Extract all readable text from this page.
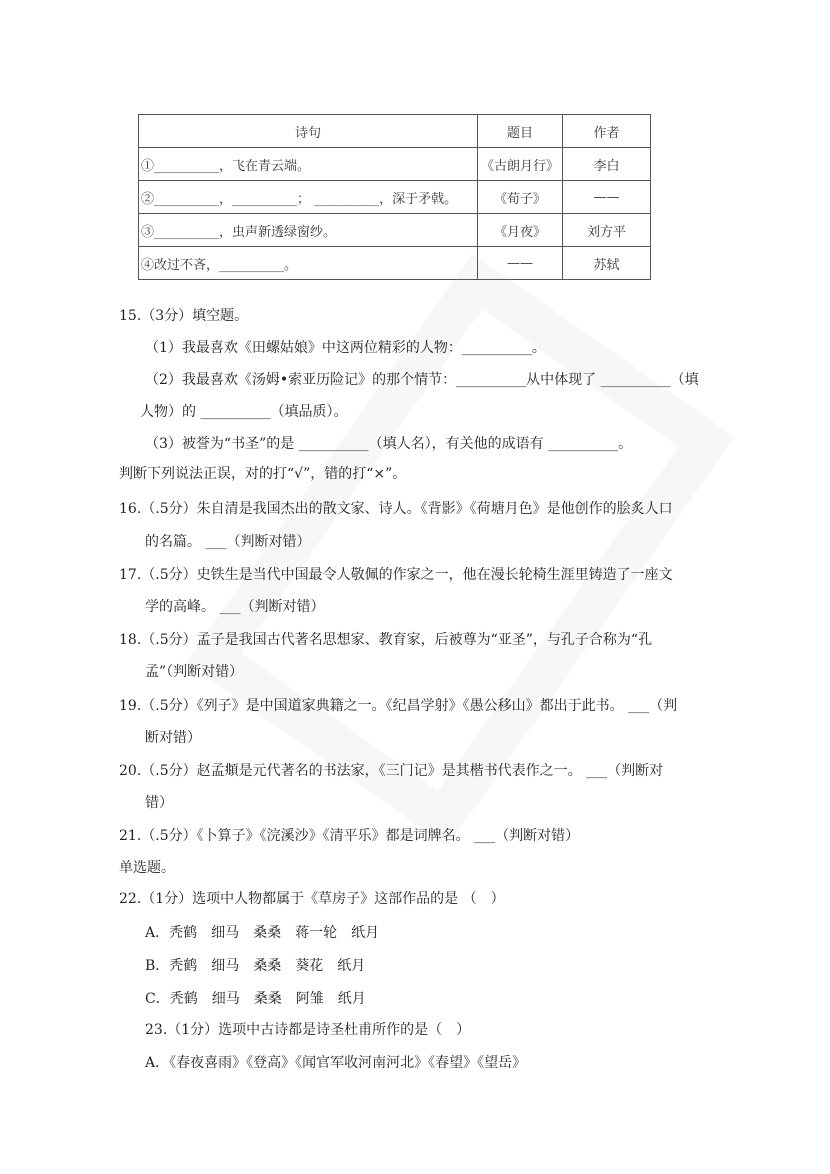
诗句	题目	作者
①__________，飞在青云端。	《古朗月行》	李白
②__________，__________； __________，深于矛戟。	《荀子》	——
③__________，虫声新透绿窗纱。	《月夜》	刘方平
④改过不吝，__________。	——	苏轼
15.（3分）填空题。
（1）我最喜欢《田螺姑娘》中这两位精彩的人物：__________。
（2）我最喜欢《汤姆•索亚历险记》的那个情节：__________从中体现了 __________（填
人物）的 __________（填品质）。
（3）被誉为“书圣”的是 __________（填人名），有关他的成语有 __________。
判断下列说法正误，对的打“√”，错的打“×”。
16.（.5分）朱自清是我国杰出的散文家、诗人。《背影》《荷塘月色》是他创作的脍炙人口
的名篇。 ___（判断对错）
17.（.5分）史铁生是当代中国最令人敬佩的作家之一，他在漫长轮椅生涯里铸造了一座文
学的高峰。 ___（判断对错）
18.（.5分）孟子是我国古代著名思想家、教育家，后被尊为“亚圣”，与孔子合称为“孔
孟”（判断对错）
19.（.5分）《列子》是中国道家典籍之一。《纪昌学射》《愚公移山》都出于此书。 ___（判
断对错）
20.（.5分）赵孟頫是元代著名的书法家，《三门记》是其楷书代表作之一。 ___（判断对
错）
21.（.5分）《卜算子》《浣溪沙》《清平乐》都是词牌名。 ___（判断对错）
单选题。
22.（1分）选项中人物都属于《草房子》这部作品的是 （　）
A．秃鹤　细马　桑桑　蒋一轮　纸月
B．秃鹤　细马　桑桑　葵花　纸月
C．秃鹤　细马　桑桑　阿雏　纸月
23.（1分）选项中古诗都是诗圣杜甫所作的是（　）
A．《春夜喜雨》《登高》《闻官军收河南河北》《春望》《望岳》
